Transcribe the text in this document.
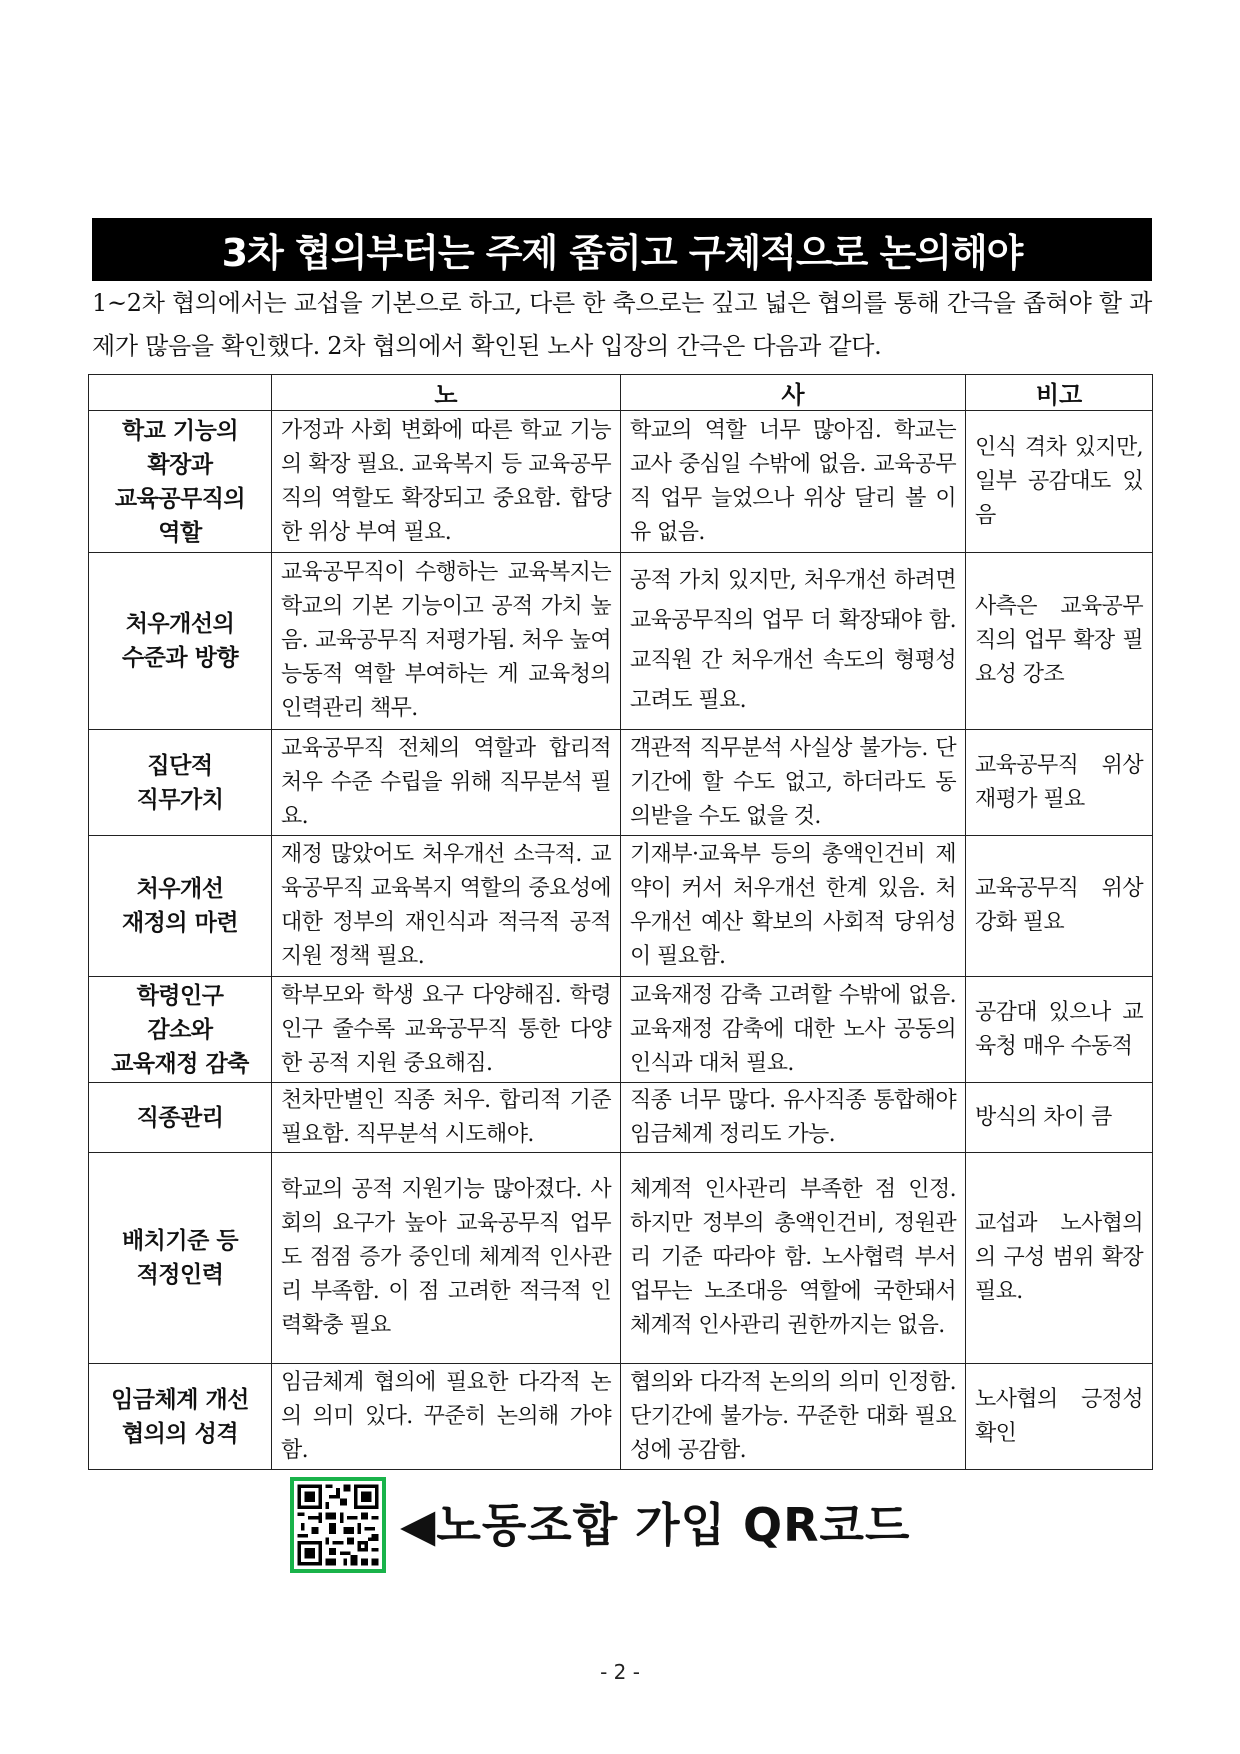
3차 협의부터는 주제 좁히고 구체적으로 논의해야
1~2차 협의에서는 교섭을 기본으로 하고, 다른 한 축으로는 깊고 넓은 협의를 통해 간극을 좁혀야 할 과제가 많음을 확인했다. 2차 협의에서 확인된 노사 입장의 간극은 다음과 같다.
	노	사	비고
학교 기능의
확장과
교육공무직의
역할	가정과 사회 변화에 따른 학교 기능의 확장 필요. 교육복지 등 교육공무직의 역할도 확장되고 중요함. 합당한 위상 부여 필요.	학교의 역할 너무 많아짐. 학교는 교사 중심일 수밖에 없음. 교육공무직 업무 늘었으나 위상 달리 볼 이유 없음.	인식 격차 있지만, 일부 공감대도 있음
처우개선의
수준과 방향	교육공무직이 수행하는 교육복지는 학교의 기본 기능이고 공적 가치 높음. 교육공무직 저평가됨. 처우 높여 능동적 역할 부여하는 게 교육청의 인력관리 책무.	공적 가치 있지만, 처우개선 하려면 교육공무직의 업무 더 확장돼야 함. 교직원 간 처우개선 속도의 형평성 고려도 필요.	사측은 교육공무직의 업무 확장 필요성 강조
집단적
직무가치	교육공무직 전체의 역할과 합리적 처우 수준 수립을 위해 직무분석 필요.	객관적 직무분석 사실상 불가능. 단기간에 할 수도 없고, 하더라도 동의받을 수도 없을 것.	교육공무직 위상 재평가 필요
처우개선
재정의 마련	재정 많았어도 처우개선 소극적. 교육공무직 교육복지 역할의 중요성에 대한 정부의 재인식과 적극적 공적지원 정책 필요.	기재부·교육부 등의 총액인건비 제약이 커서 처우개선 한계 있음. 처우개선 예산 확보의 사회적 당위성이 필요함.	교육공무직 위상 강화 필요
학령인구
감소와
교육재정 감축	학부모와 학생 요구 다양해짐. 학령인구 줄수록 교육공무직 통한 다양한 공적 지원 중요해짐.	교육재정 감축 고려할 수밖에 없음. 교육재정 감축에 대한 노사 공동의 인식과 대처 필요.	공감대 있으나 교육청 매우 수동적
직종관리	천차만별인 직종 처우. 합리적 기준 필요함. 직무분석 시도해야.	직종 너무 많다. 유사직종 통합해야 임금체계 정리도 가능.	방식의 차이 큼
배치기준 등
적정인력	학교의 공적 지원기능 많아졌다. 사회의 요구가 높아 교육공무직 업무도 점점 증가 중인데 체계적 인사관리 부족함. 이 점 고려한 적극적 인력확충 필요	체계적 인사관리 부족한 점 인정. 하지만 정부의 총액인건비, 정원관리 기준 따라야 함. 노사협력 부서 업무는 노조대응 역할에 국한돼서 체계적 인사관리 권한까지는 없음.	교섭과 노사협의의 구성 범위 확장 필요.
임금체계 개선
협의의 성격	임금체계 협의에 필요한 다각적 논의 의미 있다. 꾸준히 논의해 가야 함.	협의와 다각적 논의의 의미 인정함. 단기간에 불가능. 꾸준한 대화 필요성에 공감함.	노사협의 긍정성 확인
◀노동조합 가입 QR코드
- 2 -
